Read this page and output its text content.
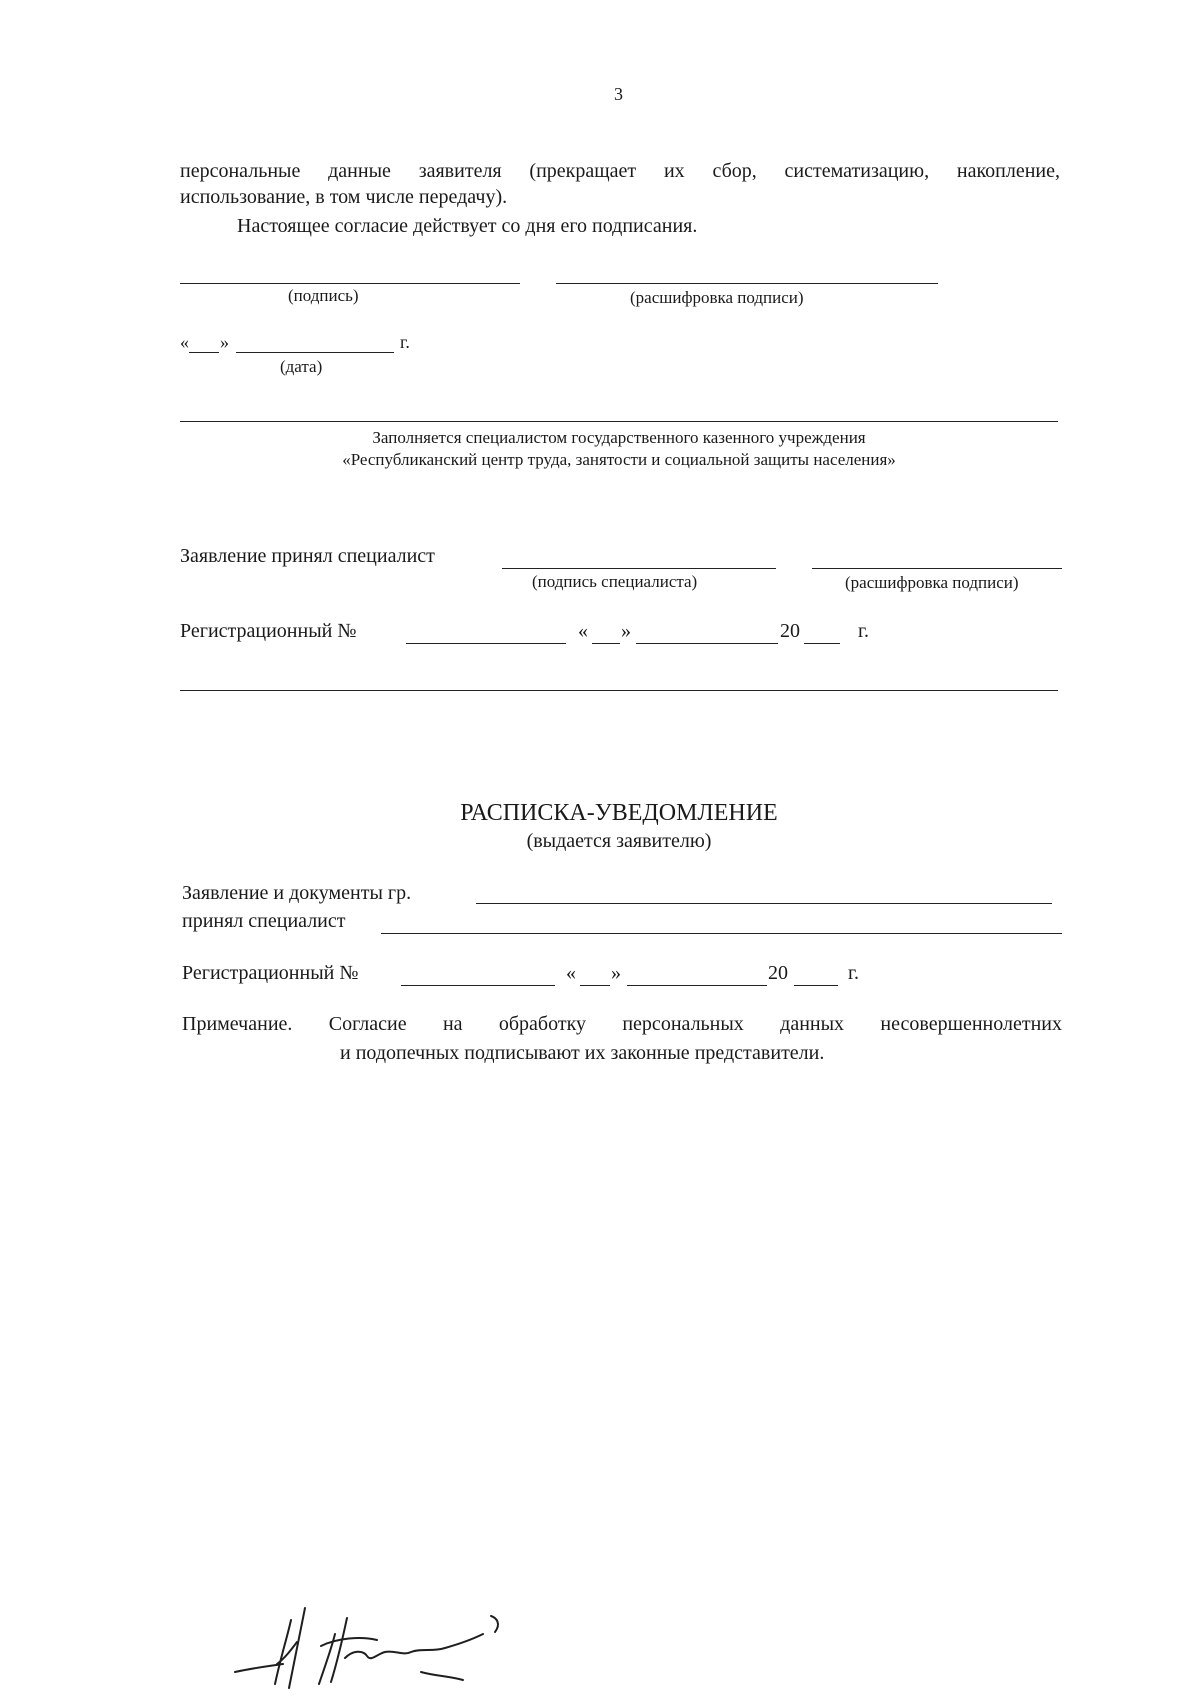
3
персональные данные заявителя (прекращает их сбор, систематизацию, накопление,
использование, в том числе передачу).
Настоящее согласие действует со дня его подписания.
(подпись)	(расшифровка подписи)
« »	г.
(дата)
Заполняется специалистом государственного казенного учреждения
«Республиканский центр труда, занятости и социальной защиты населения»
Заявление принял специалист
(подпись специалиста)	(расшифровка подписи)
Регистрационный №	« »	20	г.
РАСПИСКА-УВЕДОМЛЕНИЕ
(выдается заявителю)
Заявление и документы гр.
принял специалист
Регистрационный №	« »	20	г.
Примечание. Согласие на обработку персональных данных несовершеннолетних
и подопечных подписывают их законные представители.
